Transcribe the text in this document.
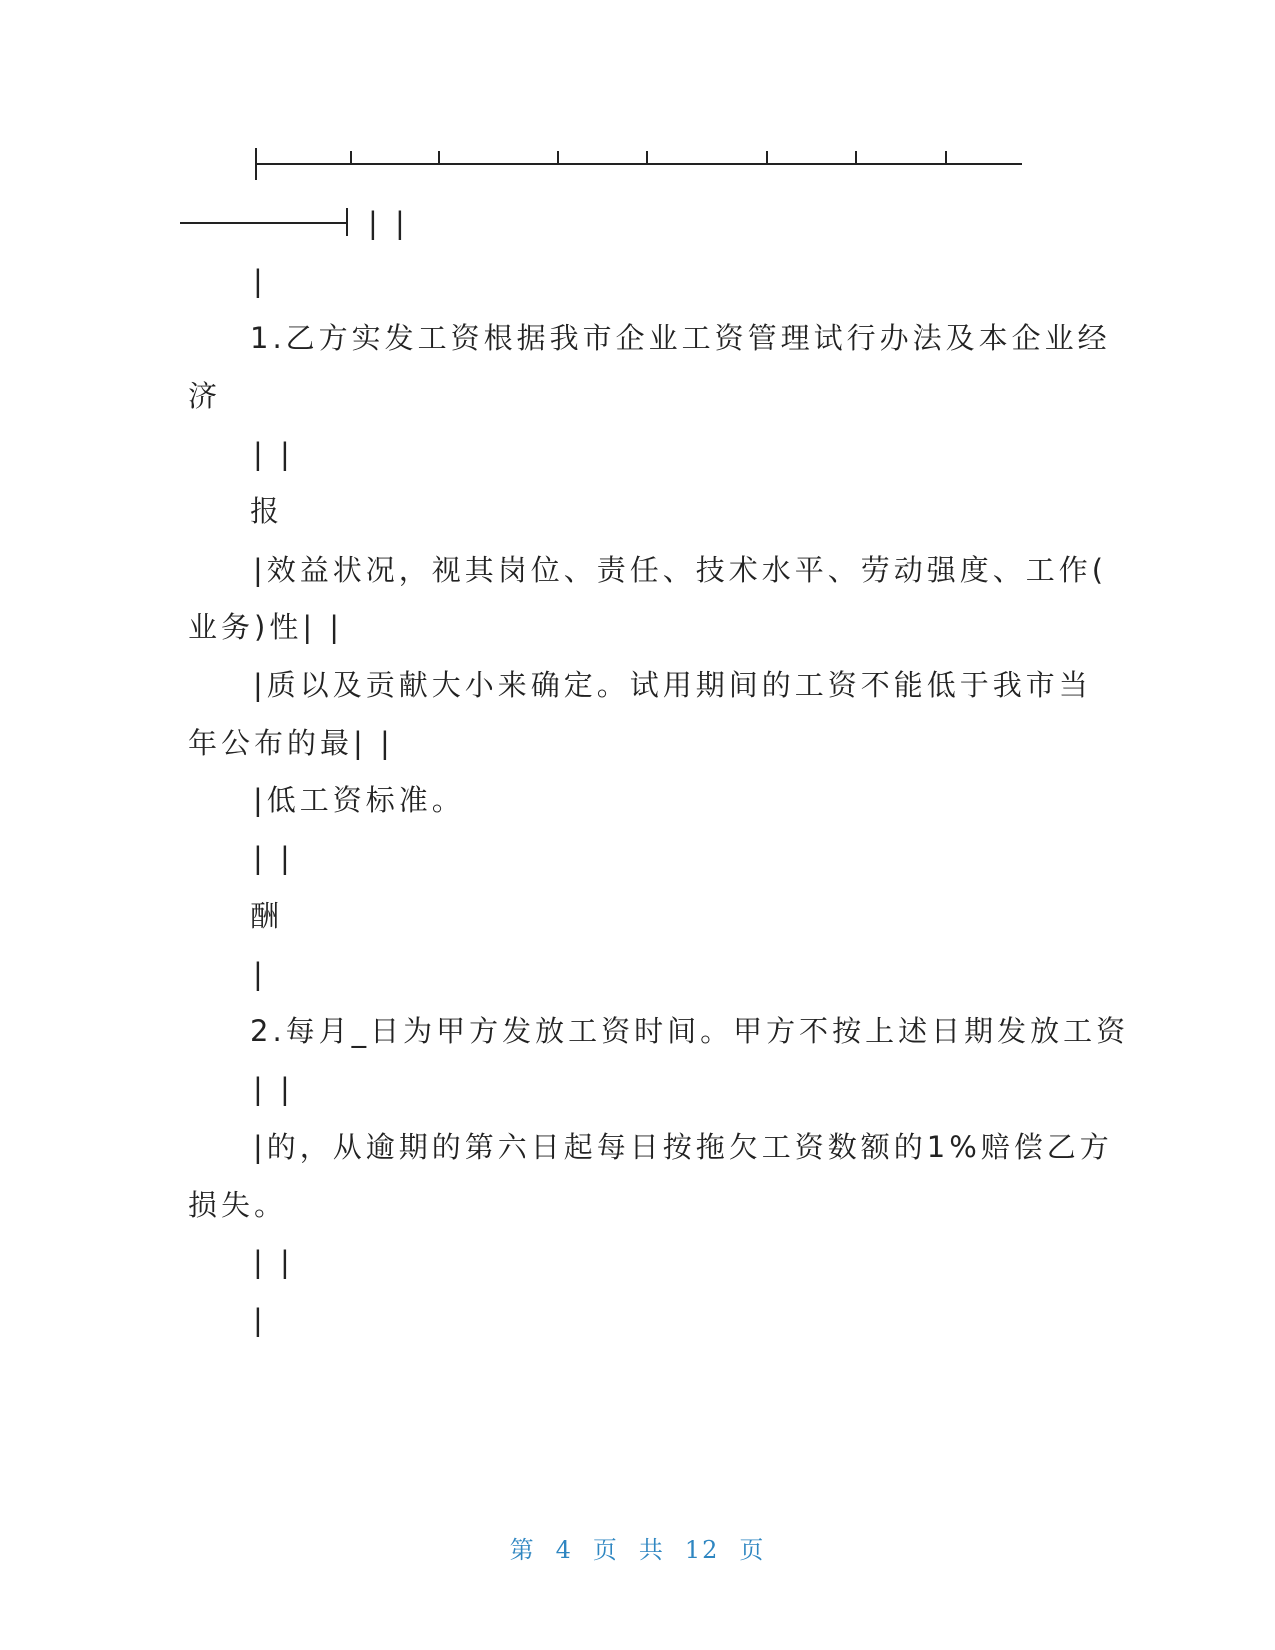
| |
|
1.乙方实发工资根据我市企业工资管理试行办法及本企业经
济
| |
报
|效益状况，视其岗位、责任、技术水平、劳动强度、工作(
业务)性| |
|质以及贡献大小来确定。试用期间的工资不能低于我市当
年公布的最| |
|低工资标准。
| |
酬
|
2.每月_日为甲方发放工资时间。甲方不按上述日期发放工资
| |
|的，从逾期的第六日起每日按拖欠工资数额的1%赔偿乙方
损失。
| |
|
第 4 页 共 12 页
